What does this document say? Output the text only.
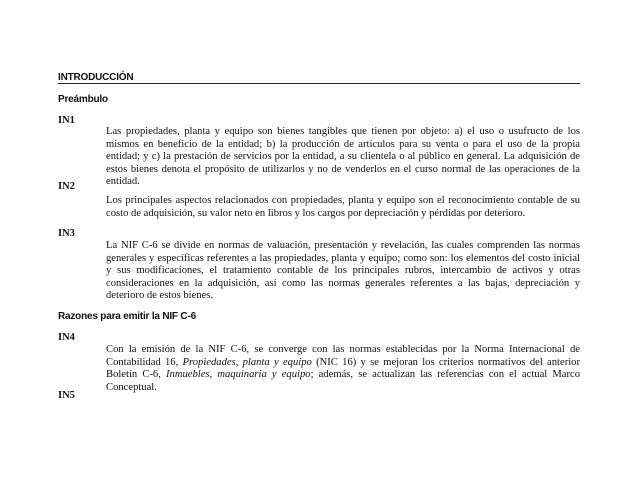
INTRODUCCIÓN
Preámbulo
IN1

Las propiedades, planta y equipo son bienes tangibles que tienen por objeto: a) el uso o usufructo de los mismos en beneficio de la entidad; b) la producción de artículos para su venta o para el uso de la propia entidad; y c) la prestación de servicios por la entidad, a su clientela o al público en general. La adquisición de estos bienes denota el propósito de utilizarlos y no de venderlos en el curso normal de las operaciones de la entidad.

IN2

Los principales aspectos relacionados con propiedades, planta y equipo son el reconocimiento contable de su costo de adquisición, su valor neto en libros y los cargos por depreciación y pérdidas por deterioro.

IN3

La NIF C-6 se divide en normas de valuación, presentación y revelación, las cuales comprenden las normas generales y específicas referentes a las propiedades, planta y equipo; como son: los elementos del costo inicial y sus modificaciones, el tratamiento contable de los principales rubros, intercambio de activos y otras consideraciones en la adquisición, así como las normas generales referentes a las bajas, depreciación y deterioro de estos bienes.

Razones para emitir la NIF C-6
IN4

Con la emisión de la NIF C-6, se converge con las normas establecidas por la Norma Internacional de Contabilidad 16, Propiedades, planta y equipo (NIC 16) y se mejoran los criterios normativos del anterior Boletín C-6, Inmuebles, maquinaria y equipo; además, se actualizan las referencias con el actual Marco Conceptual.

IN5
